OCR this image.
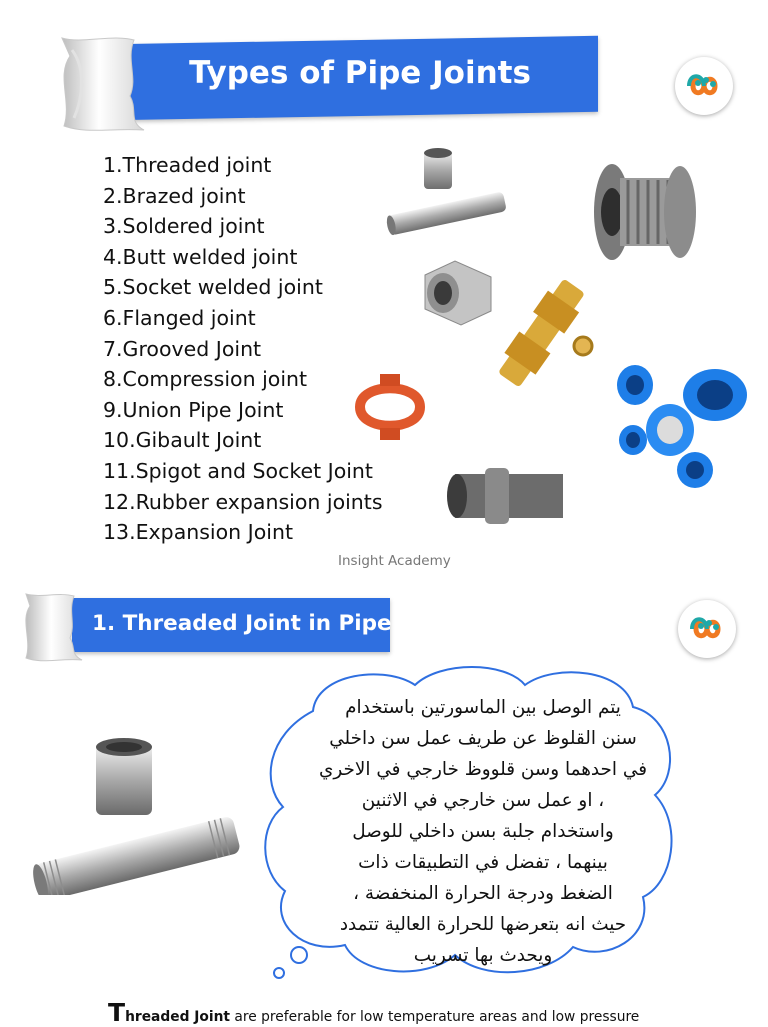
Types of Pipe Joints
1.Threaded joint
2.Brazed joint
3.Soldered joint
4.Butt welded joint
5.Socket welded joint
6.Flanged joint
7.Grooved Joint
8.Compression joint
9.Union Pipe Joint
10.Gibault Joint
11.Spigot and Socket Joint
12.Rubber expansion joints
13.Expansion Joint
Insight Academy
1. Threaded Joint in Pipe
يتم الوصل بين الماسورتين باستخدام
سنن القلوظ عن طريف عمل سن داخلي
في احدهما وسن قلووظ خارجي في الاخري
، او عمل سن خارجي في الاثنين
واستخدام جلبة بسن داخلي للوصل
بينهما ، تفضل في التطبيقات ذات
الضغط ودرجة الحرارة المنخفضة ،
حيث انه بتعرضها للحرارة العالية تتمدد
ويحدث بها تسريب
Threaded Joint are preferable for low temperature areas and low pressure
